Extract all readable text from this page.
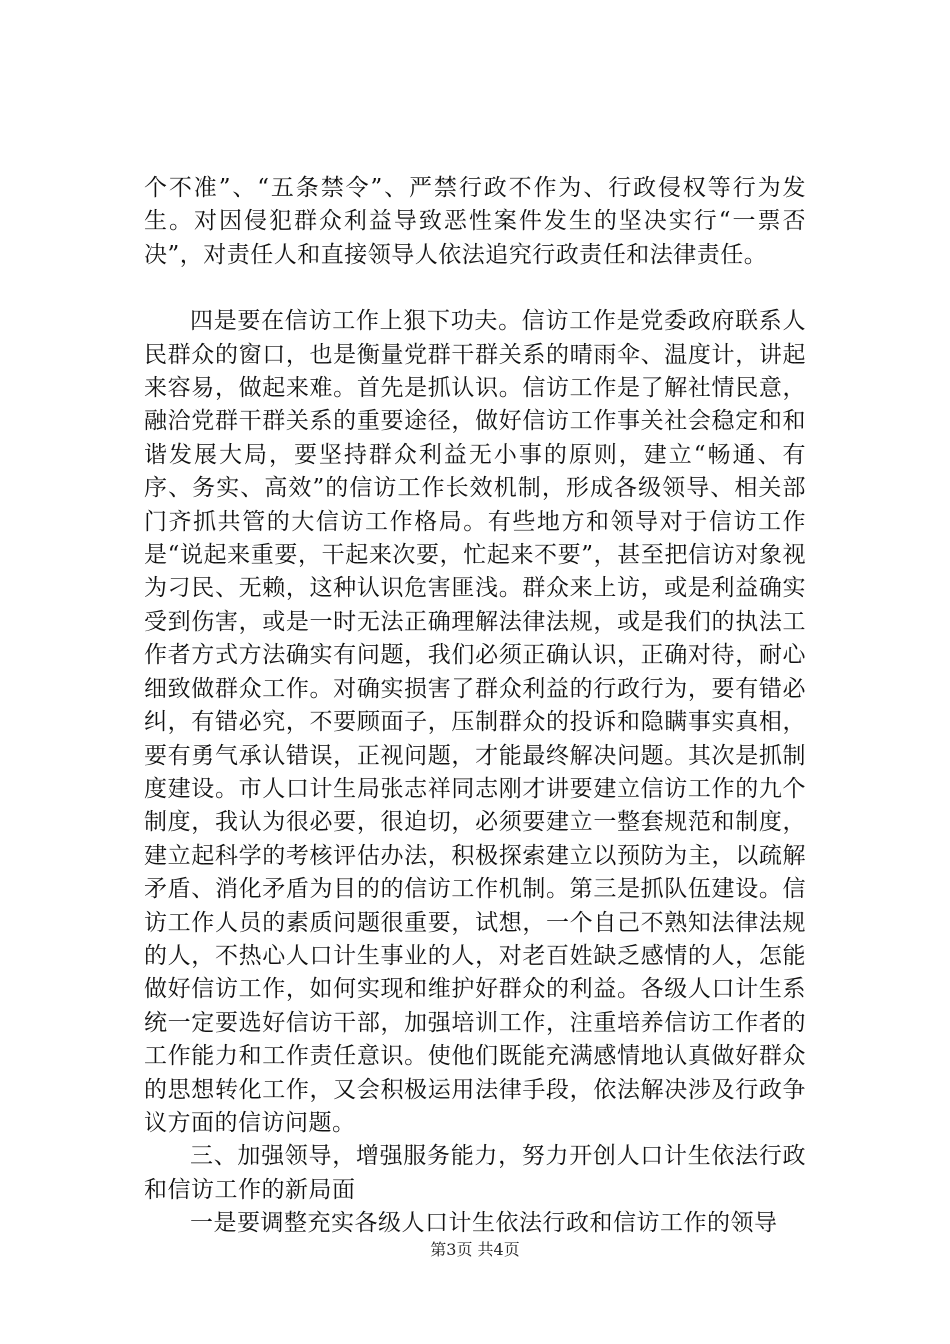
个不准”、“五条禁令”、严禁行政不作为、行政侵权等行为发生。对因侵犯群众利益导致恶性案件发生的坚决实行“一票否决”，对责任人和直接领导人依法追究行政责任和法律责任。

四是要在信访工作上狠下功夫。信访工作是党委政府联系人民群众的窗口，也是衡量党群干群关系的晴雨伞、温度计，讲起来容易，做起来难。首先是抓认识。信访工作是了解社情民意，融洽党群干群关系的重要途径，做好信访工作事关社会稳定和和谐发展大局，要坚持群众利益无小事的原则，建立“畅通、有序、务实、高效”的信访工作长效机制，形成各级领导、相关部门齐抓共管的大信访工作格局。有些地方和领导对于信访工作是“说起来重要，干起来次要，忙起来不要”，甚至把信访对象视为刁民、无赖，这种认识危害匪浅。群众来上访，或是利益确实受到伤害，或是一时无法正确理解法律法规，或是我们的执法工作者方式方法确实有问题，我们必须正确认识，正确对待，耐心细致做群众工作。对确实损害了群众利益的行政行为，要有错必纠，有错必究，不要顾面子，压制群众的投诉和隐瞒事实真相，要有勇气承认错误，正视问题，才能最终解决问题。其次是抓制度建设。市人口计生局张志祥同志刚才讲要建立信访工作的九个制度，我认为很必要，很迫切，必须要建立一整套规范和制度，建立起科学的考核评估办法，积极探索建立以预防为主，以疏解矛盾、消化矛盾为目的的信访工作机制。第三是抓队伍建设。信访工作人员的素质问题很重要，试想，一个自己不熟知法律法规的人，不热心人口计生事业的人，对老百姓缺乏感情的人，怎能做好信访工作，如何实现和维护好群众的利益。各级人口计生系统一定要选好信访干部，加强培训工作，注重培养信访工作者的工作能力和工作责任意识。使他们既能充满感情地认真做好群众的思想转化工作，又会积极运用法律手段，依法解决涉及行政争议方面的信访问题。

三、加强领导，增强服务能力，努力开创人口计生依法行政和信访工作的新局面

一是要调整充实各级人口计生依法行政和信访工作的领导

第3页 共4页
